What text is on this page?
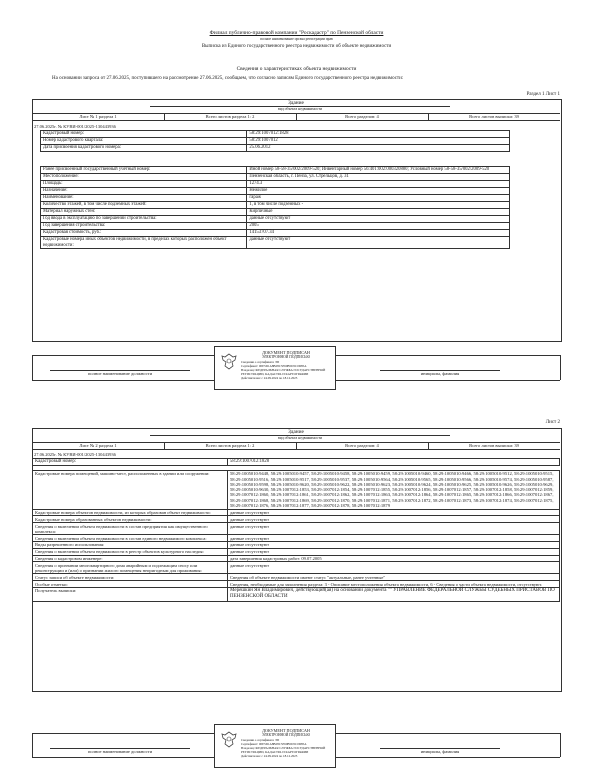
Филиал публично-правовой компании "Роскадастр" по Пензенской области
полное наименование органа регистрации прав
Выписка из Единого государственного реестра недвижимости об объекте недвижимости
Сведения о характеристиках объекта недвижимости
На основании запроса от 27.06.2025, поступившего на рассмотрение 27.06.2025, сообщаем, что согласно записям Единого государственного реестра недвижимости:
Раздел 1 Лист 1
Здание
вид объекта недвижимости
Лист № 1 раздела 1	Всего листов раздела 1: 2	Всего разделов: 4	Всего листов выписки: 39
27.06.2025г. № КУВИ-001/2025-130443936
Кадастровый номер:	58:29:1007012:1828
Номер кадастрового квартала:	58:29:1007012
Дата присвоения кадастрового номера:	25.06.2012
Ранее присвоенный государственный учетный номер:	Иной номер 58-58-35/002/2009-520; Инвентарный номер 56:401:002:000320880; Условный номер 58-58-35/002/2009-520
Местоположение:	Пензенская область, г. Пенза, ул. Стрельцов, д. 31
Площадь:	1274.3
Назначение:	Нежилое
Наименование:	гараж
Количество этажей, в том числе подземных этажей:	1, в том числе подземных -
Материал наружных стен:	Кирпичные
Год ввода в эксплуатацию по завершении строительства:	данные отсутствуют
Год завершения строительства:	2005
Кадастровая стоимость, руб.:	14153707.34
Кадастровые номера иных объектов недвижимости, в пределах которых расположен объект недвижимости:	данные отсутствуют
полное наименование должности	инициалы, фамилия
ДОКУМЕНТ ПОДПИСАН
ЭЛЕКТРОННОЙ ПОДПИСЬЮ
Сведения о сертификате ЭП
Сертификат: 00E5D1A8B28C5F60B5D5C0D85A
Владелец: ФЕДЕРАЛЬНАЯ СЛУЖБА ГОСУДАРСТВЕННОЙ
РЕГИСТРАЦИИ, КАДАСТРА И КАРТОГРАФИИ
Действителен: с 24.09.2024 по 18.12.2025
Лист 2
Здание
вид объекта недвижимости
Лист № 2 раздела 1	Всего листов раздела 1: 2	Всего разделов: 4	Всего листов выписки: 39
27.06.2025г. № КУВИ-001/2025-130443936
Кадастровый номер:	58:29:1007012:1828
Кадастровые номера помещений, машино-мест, расположенных в здании или сооружении:	58:29:1005010:9448, 58:29:1005010:9457, 58:29:1005010:9458, 58:29:1005010:9459, 58:29:1005010:9460, 58:29:1005010:9466, 58:29:1005010:9512, 58:29:1005010:9515, 58:29:1005010:9516, 58:29:1005010:9517, 58:29:1005010:9537, 58:29:1005010:9564, 58:29:1005010:9565, 58:29:1005010:9566, 58:29:1005010:9574, 58:29:1005010:9587, 58:29:1005010:9598, 58:29:1005010:9620, 58:29:1005010:9622, 58:29:1005010:9623, 58:29:1005010:9624, 58:29:1005010:9625, 58:29:1005010:9626, 58:29:1005010:9629, 58:29:1005010:9630, 58:29:1007012:1853, 58:29:1007012:1854, 58:29:1007012:1855, 58:29:1007012:1856, 58:29:1007012:1857, 58:29:1007012:1858, 58:29:1007012:1859, 58:29:1007012:1860, 58:29:1007012:1861, 58:29:1007012:1862, 58:29:1007012:1863, 58:29:1007012:1864, 58:29:1007012:1865, 58:29:1007012:1866, 58:29:1007012:1867, 58:29:1007012:1868, 58:29:1007012:1869, 58:29:1007012:1870, 58:29:1007012:1871, 58:29:1007012:1872, 58:29:1007012:1873, 58:29:1007012:1874, 58:29:1007012:1875, 58:29:1007012:1876, 58:29:1007012:1877, 58:29:1007012:1878, 58:29:1007012:1879
Кадастровые номера объектов недвижимости, из которых образован объект недвижимости:	данные отсутствуют
Кадастровые номера образованных объектов недвижимости:	данные отсутствуют
Сведения о включении объекта недвижимости в состав предприятия как имущественного комплекса:	данные отсутствуют
Сведения о включении объекта недвижимости в состав единого недвижимого комплекса:	данные отсутствуют
Виды разрешенного использования:	данные отсутствуют
Сведения о включении объекта недвижимости в реестр объектов культурного наследия:	данные отсутствуют
Сведения о кадастровом инженере:	дата завершения кадастровых работ: 09.07.2005
Сведения о признании многоквартирного дома аварийным и подлежащим сносу или реконструкции и (или) о признании жилого помещения непригодным для проживания:	данные отсутствуют
Статус записи об объекте недвижимости:	Сведения об объекте недвижимости имеют статус "актуальные, ранее учтенные"
Особые отметки:	Сведения, необходимые для заполнения раздела: 3 - Описание местоположения объекта недвижимости, 6 - Сведения о части объекта недвижимости, отсутствуют.
Получатель выписки:	Мерешкин Ян Владимирович, действующий(ая) на основании документа "" УПРАВЛЕНИЕ ФЕДЕРАЛЬНОЙ СЛУЖБЫ СУДЕБНЫХ ПРИСТАВОВ ПО ПЕНЗЕНСКОЙ ОБЛАСТИ
полное наименование должности	инициалы, фамилия
ДОКУМЕНТ ПОДПИСАН
ЭЛЕКТРОННОЙ ПОДПИСЬЮ
Сведения о сертификате ЭП
Сертификат: 00E5D1A8B28C5F60B5D5C0D85A
Владелец: ФЕДЕРАЛЬНАЯ СЛУЖБА ГОСУДАРСТВЕННОЙ
РЕГИСТРАЦИИ, КАДАСТРА И КАРТОГРАФИИ
Действителен: с 24.09.2024 по 18.12.2025
